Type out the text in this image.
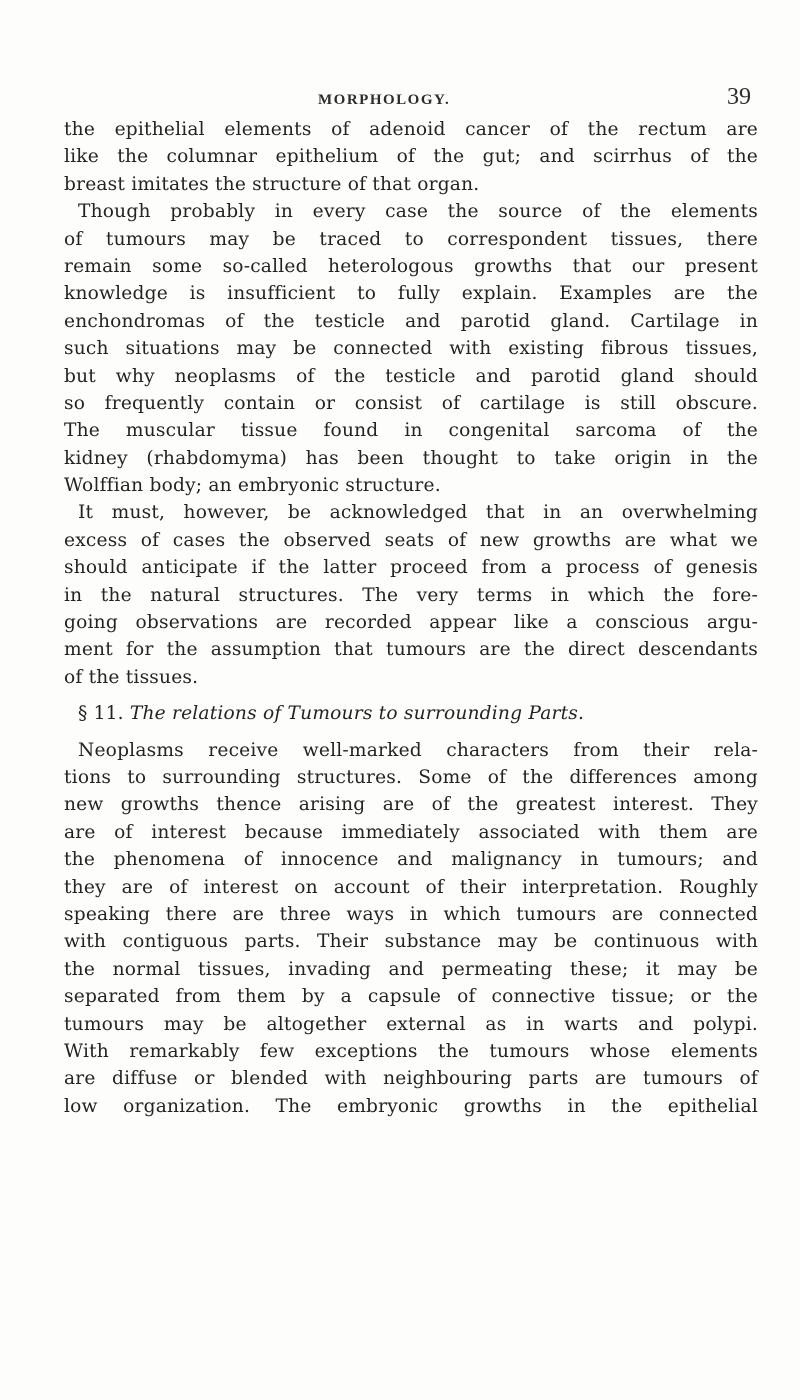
MORPHOLOGY.	39
the epithelial elements of adenoid cancer of the rectum are
like the columnar epithelium of the gut; and scirrhus of the
breast imitates the structure of that organ.
Though probably in every case the source of the elements
of tumours may be traced to correspondent tissues, there
remain some so-called heterologous growths that our present
knowledge is insufficient to fully explain. Examples are the
enchondromas of the testicle and parotid gland. Cartilage in
such situations may be connected with existing fibrous tissues,
but why neoplasms of the testicle and parotid gland should
so frequently contain or consist of cartilage is still obscure.
The muscular tissue found in congenital sarcoma of the
kidney (rhabdomyma) has been thought to take origin in the
Wolffian body; an embryonic structure.
It must, however, be acknowledged that in an overwhelming
excess of cases the observed seats of new growths are what we
should anticipate if the latter proceed from a process of genesis
in the natural structures. The very terms in which the fore-
going observations are recorded appear like a conscious argu-
ment for the assumption that tumours are the direct descendants
of the tissues.
§ 11. The relations of Tumours to surrounding Parts.
Neoplasms receive well-marked characters from their rela-
tions to surrounding structures. Some of the differences among
new growths thence arising are of the greatest interest. They
are of interest because immediately associated with them are
the phenomena of innocence and malignancy in tumours; and
they are of interest on account of their interpretation. Roughly
speaking there are three ways in which tumours are connected
with contiguous parts. Their substance may be continuous with
the normal tissues, invading and permeating these; it may be
separated from them by a capsule of connective tissue; or the
tumours may be altogether external as in warts and polypi.
With remarkably few exceptions the tumours whose elements
are diffuse or blended with neighbouring parts are tumours of
low organization. The embryonic growths in the epithelial
